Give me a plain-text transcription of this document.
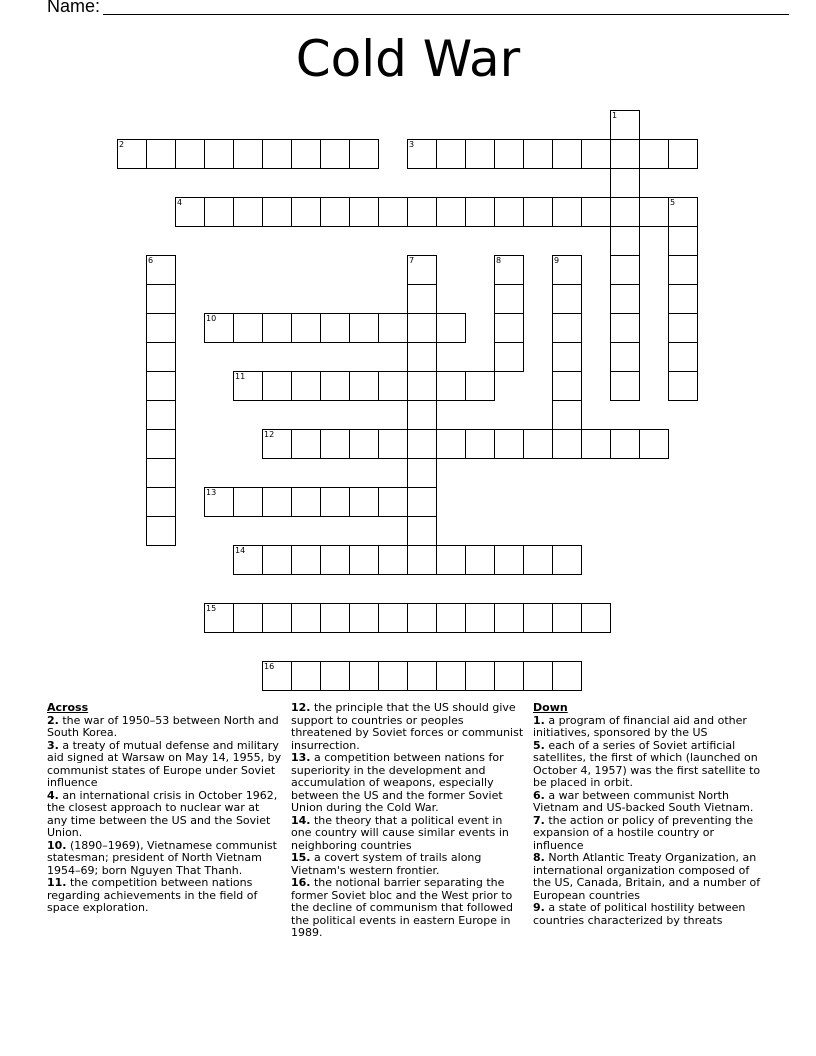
Name:
Cold War
1
2	3
4	5
6	7	8	9
10
11
12
13
14
15
16
Across
2. the war of 1950–53 between North and South Korea.
3. a treaty of mutual defense and military aid signed at Warsaw on May 14, 1955, by communist states of Europe under Soviet influence
4. an international crisis in October 1962, the closest approach to nuclear war at any time between the US and the Soviet Union.
10. (1890–1969), Vietnamese communist statesman; president of North Vietnam 1954–69; born Nguyen That Thanh.
11. the competition between nations regarding achievements in the field of space exploration.
12. the principle that the US should give support to countries or peoples threatened by Soviet forces or communist insurrection.
13. a competition between nations for superiority in the development and accumulation of weapons, especially between the US and the former Soviet Union during the Cold War.
14. the theory that a political event in one country will cause similar events in neighboring countries
15. a covert system of trails along Vietnam's western frontier.
16. the notional barrier separating the former Soviet bloc and the West prior to the decline of communism that followed the political events in eastern Europe in 1989.
Down
1. a program of financial aid and other initiatives, sponsored by the US
5. each of a series of Soviet artificial satellites, the first of which (launched on October 4, 1957) was the first satellite to be placed in orbit.
6. a war between communist North Vietnam and US-backed South Vietnam.
7. the action or policy of preventing the expansion of a hostile country or influence
8. North Atlantic Treaty Organization, an international organization composed of the US, Canada, Britain, and a number of European countries
9. a state of political hostility between countries characterized by threats
